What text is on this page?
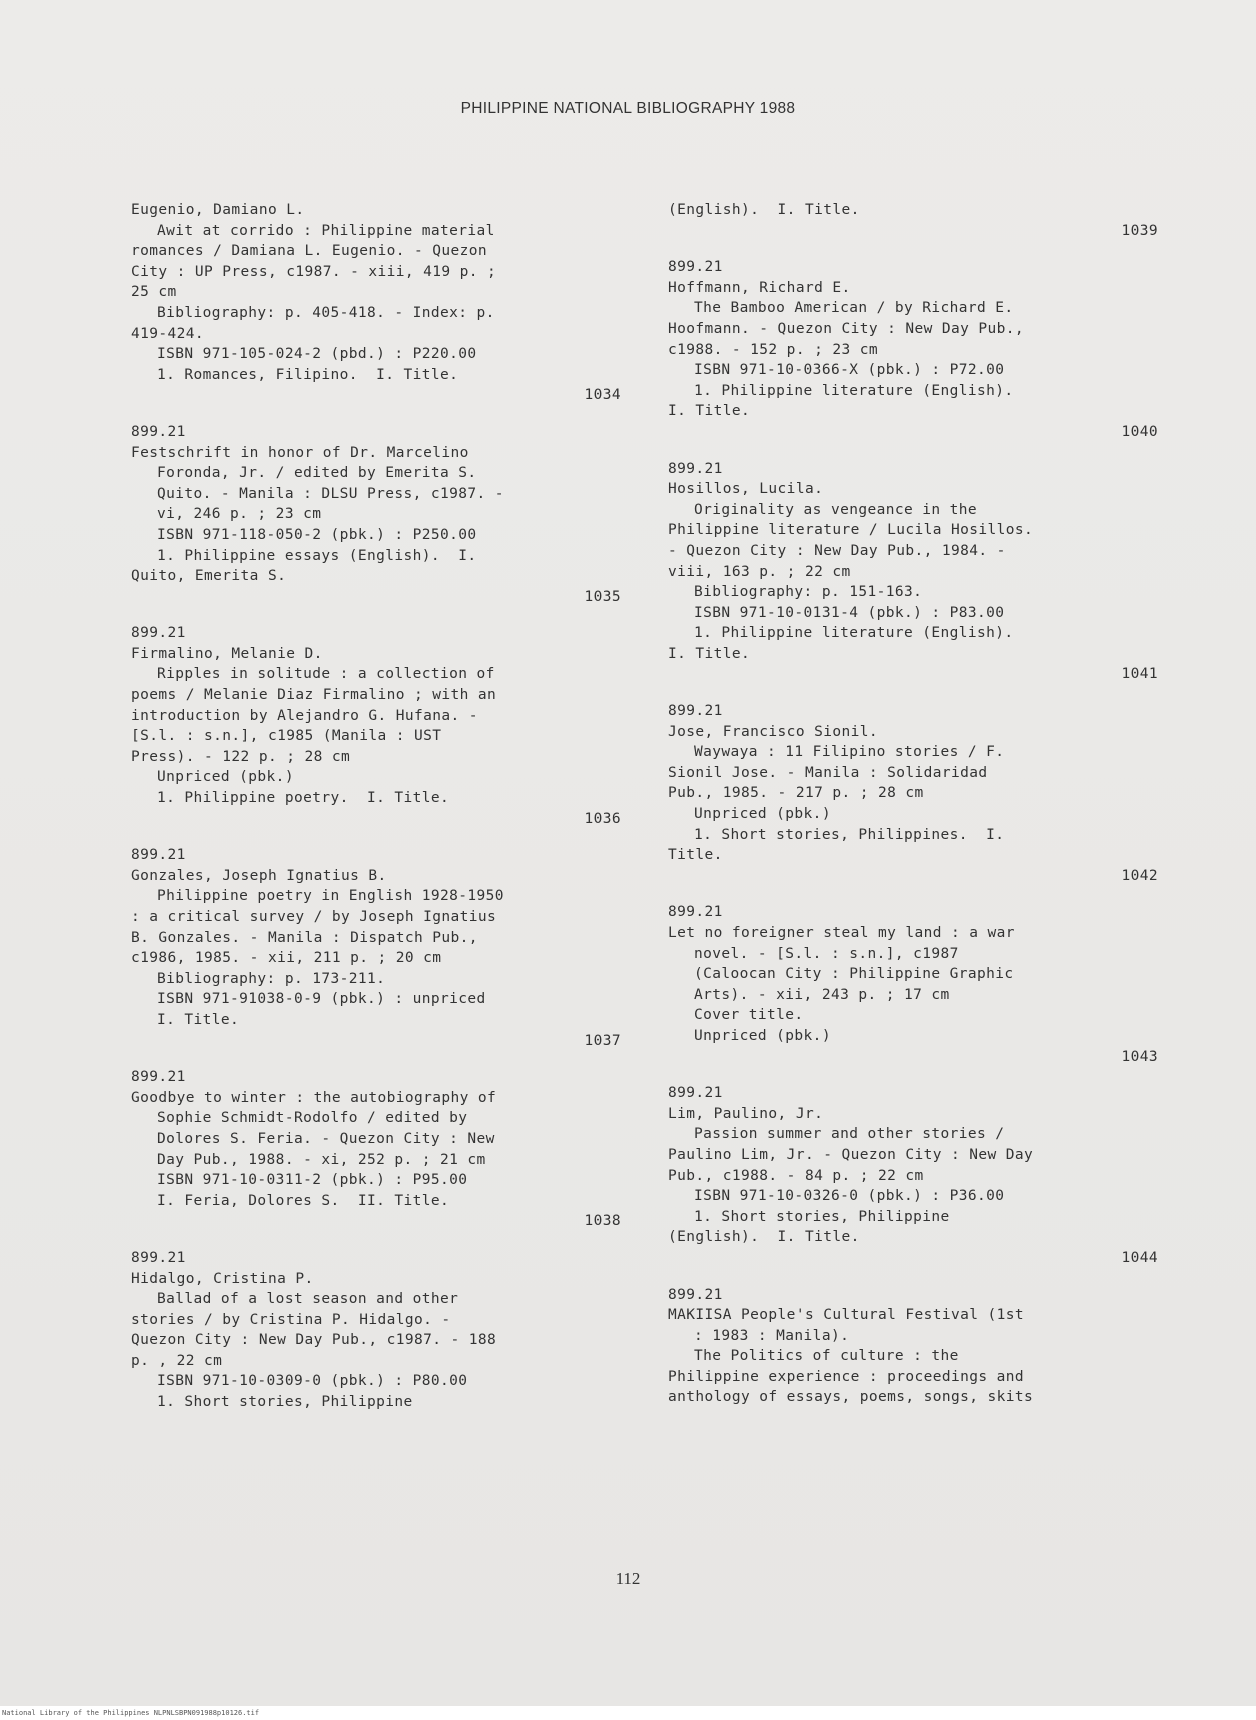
PHILIPPINE NATIONAL BIBLIOGRAPHY 1988
Eugenio, Damiano L.
Awit at corrido : Philippine material
romances / Damiana L. Eugenio. - Quezon
City : UP Press, c1987. - xiii, 419 p. ;
25 cm
Bibliography: p. 405-418. - Index: p.
419-424.
ISBN 971-105-024-2 (pbd.) : P220.00
1. Romances, Filipino.  I. Title.
1034
899.21
Festschrift in honor of Dr. Marcelino
Foronda, Jr. / edited by Emerita S.
Quito. - Manila : DLSU Press, c1987. -
vi, 246 p. ; 23 cm
ISBN 971-118-050-2 (pbk.) : P250.00
1. Philippine essays (English).  I.
Quito, Emerita S.
1035
899.21
Firmalino, Melanie D.
Ripples in solitude : a collection of
poems / Melanie Diaz Firmalino ; with an
introduction by Alejandro G. Hufana. -
[S.l. : s.n.], c1985 (Manila : UST
Press). - 122 p. ; 28 cm
Unpriced (pbk.)
1. Philippine poetry.  I. Title.
1036
899.21
Gonzales, Joseph Ignatius B.
Philippine poetry in English 1928-1950
: a critical survey / by Joseph Ignatius
B. Gonzales. - Manila : Dispatch Pub.,
c1986, 1985. - xii, 211 p. ; 20 cm
Bibliography: p. 173-211.
ISBN 971-91038-0-9 (pbk.) : unpriced
I. Title.
1037
899.21
Goodbye to winter : the autobiography of
Sophie Schmidt-Rodolfo / edited by
Dolores S. Feria. - Quezon City : New
Day Pub., 1988. - xi, 252 p. ; 21 cm
ISBN 971-10-0311-2 (pbk.) : P95.00
I. Feria, Dolores S.  II. Title.
1038
899.21
Hidalgo, Cristina P.
Ballad of a lost season and other
stories / by Cristina P. Hidalgo. -
Quezon City : New Day Pub., c1987. - 188
p. , 22 cm
ISBN 971-10-0309-0 (pbk.) : P80.00
1. Short stories, Philippine
(English).  I. Title.
1039
899.21
Hoffmann, Richard E.
The Bamboo American / by Richard E.
Hoofmann. - Quezon City : New Day Pub.,
c1988. - 152 p. ; 23 cm
ISBN 971-10-0366-X (pbk.) : P72.00
1. Philippine literature (English).
I. Title.
1040
899.21
Hosillos, Lucila.
Originality as vengeance in the
Philippine literature / Lucila Hosillos.
- Quezon City : New Day Pub., 1984. -
viii, 163 p. ; 22 cm
Bibliography: p. 151-163.
ISBN 971-10-0131-4 (pbk.) : P83.00
1. Philippine literature (English).
I. Title.
1041
899.21
Jose, Francisco Sionil.
Waywaya : 11 Filipino stories / F.
Sionil Jose. - Manila : Solidaridad
Pub., 1985. - 217 p. ; 28 cm
Unpriced (pbk.)
1. Short stories, Philippines.  I.
Title.
1042
899.21
Let no foreigner steal my land : a war
novel. - [S.l. : s.n.], c1987
(Caloocan City : Philippine Graphic
Arts). - xii, 243 p. ; 17 cm
Cover title.
Unpriced (pbk.)
1043
899.21
Lim, Paulino, Jr.
Passion summer and other stories /
Paulino Lim, Jr. - Quezon City : New Day
Pub., c1988. - 84 p. ; 22 cm
ISBN 971-10-0326-0 (pbk.) : P36.00
1. Short stories, Philippine
(English).  I. Title.
1044
899.21
MAKIISA People's Cultural Festival (1st
: 1983 : Manila).
The Politics of culture : the
Philippine experience : proceedings and
anthology of essays, poems, songs, skits
112
National Library of the Philippines NLPNLSBPN091988p10126.tif
